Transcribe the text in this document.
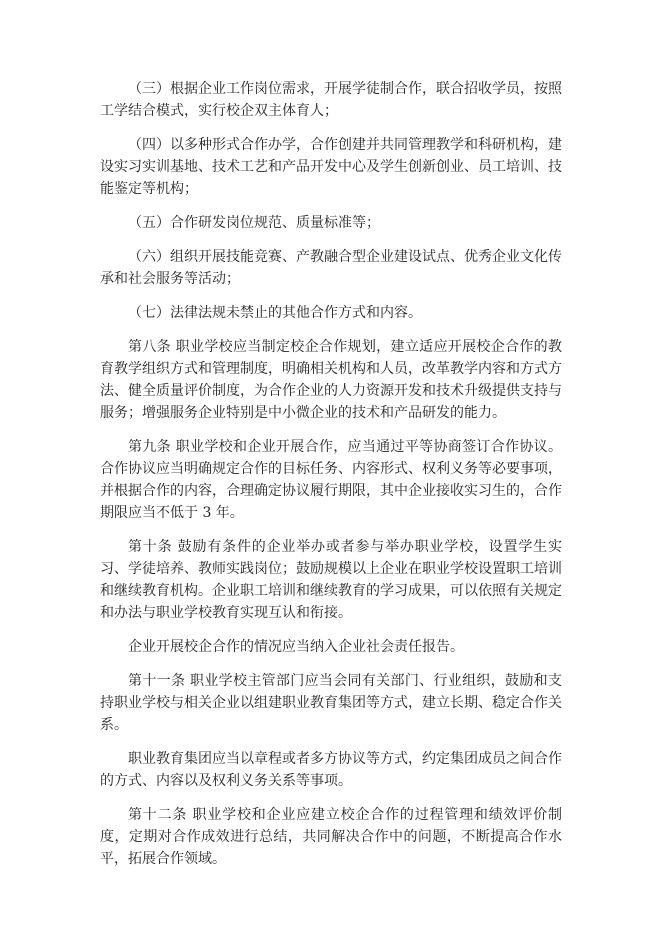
（三）根据企业工作岗位需求，开展学徒制合作，联合招收学员，按照工学结合模式，实行校企双主体育人；

（四）以多种形式合作办学，合作创建并共同管理教学和科研机构，建设实习实训基地、技术工艺和产品开发中心及学生创新创业、员工培训、技能鉴定等机构；

（五）合作研发岗位规范、质量标准等；

（六）组织开展技能竞赛、产教融合型企业建设试点、优秀企业文化传承和社会服务等活动；

（七）法律法规未禁止的其他合作方式和内容。

第八条 职业学校应当制定校企合作规划，建立适应开展校企合作的教育教学组织方式和管理制度，明确相关机构和人员，改革教学内容和方式方法、健全质量评价制度，为合作企业的人力资源开发和技术升级提供支持与服务；增强服务企业特别是中小微企业的技术和产品研发的能力。

第九条 职业学校和企业开展合作，应当通过平等协商签订合作协议。合作协议应当明确规定合作的目标任务、内容形式、权利义务等必要事项，并根据合作的内容，合理确定协议履行期限，其中企业接收实习生的，合作期限应当不低于 3 年。

第十条 鼓励有条件的企业举办或者参与举办职业学校，设置学生实习、学徒培养、教师实践岗位；鼓励规模以上企业在职业学校设置职工培训和继续教育机构。企业职工培训和继续教育的学习成果，可以依照有关规定和办法与职业学校教育实现互认和衔接。

企业开展校企合作的情况应当纳入企业社会责任报告。

第十一条 职业学校主管部门应当会同有关部门、行业组织，鼓励和支持职业学校与相关企业以组建职业教育集团等方式，建立长期、稳定合作关系。

职业教育集团应当以章程或者多方协议等方式，约定集团成员之间合作的方式、内容以及权利义务关系等事项。

第十二条 职业学校和企业应建立校企合作的过程管理和绩效评价制度，定期对合作成效进行总结，共同解决合作中的问题，不断提高合作水平，拓展合作领域。
